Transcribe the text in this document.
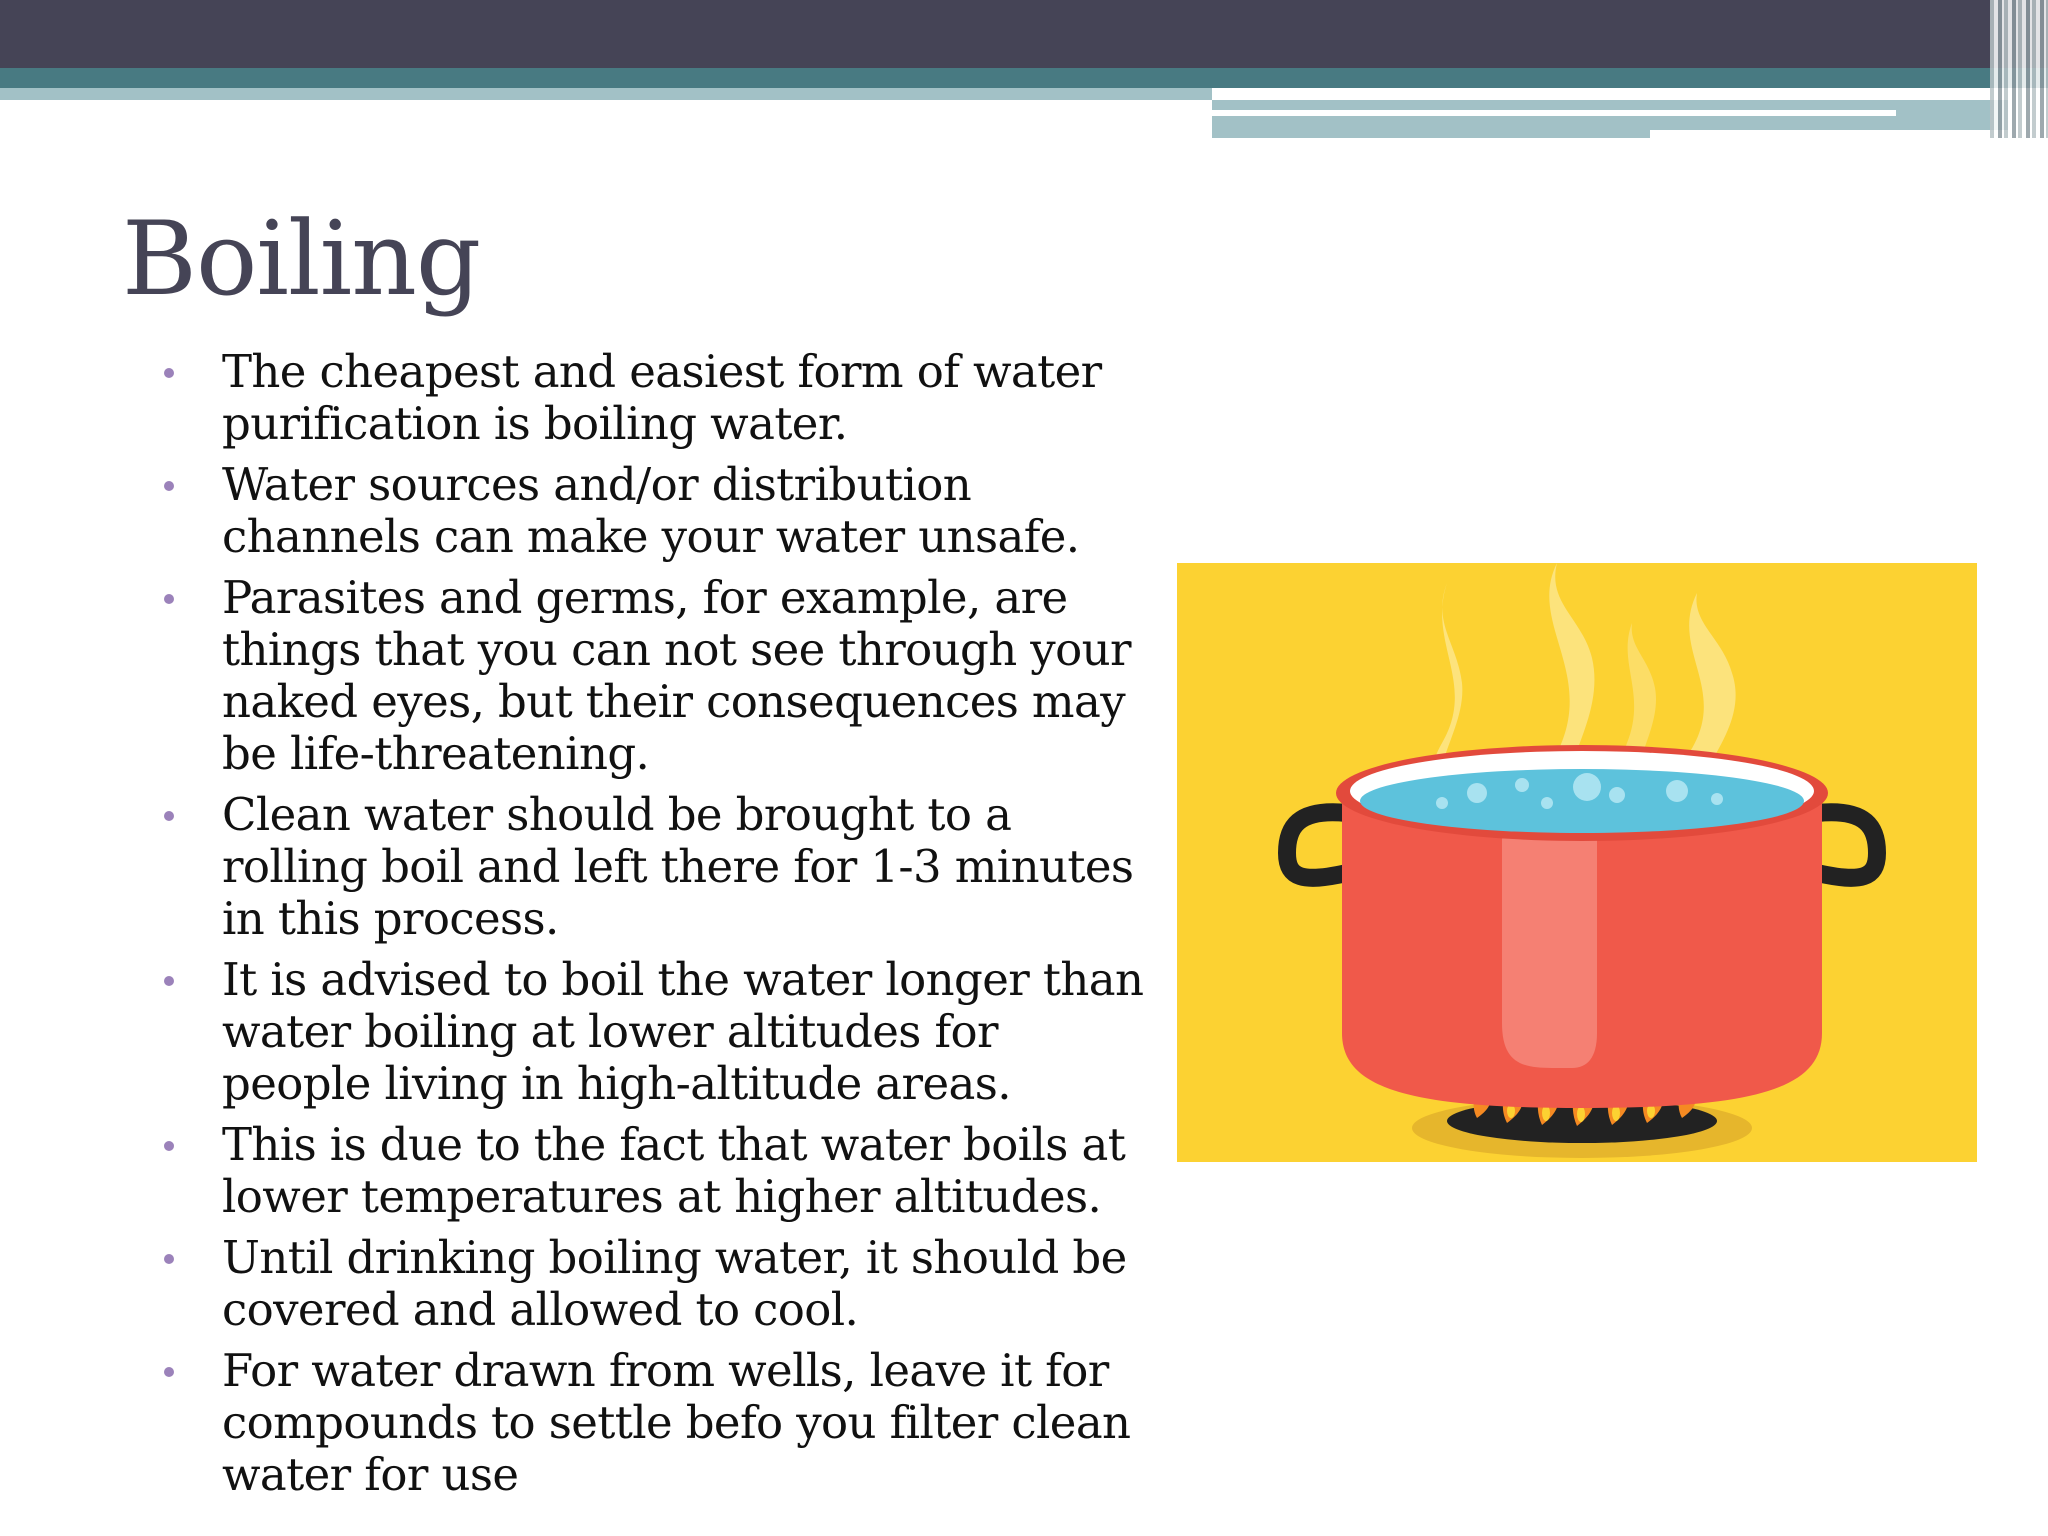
Boiling
The cheapest and easiest form of water purification is boiling water.
Water sources and/or distribution channels can make your water unsafe.
Parasites and germs, for example, are things that you can not see through your naked eyes, but their consequences may be life-threatening.
Clean water should be brought to a rolling boil and left there for 1-3 minutes in this process.
It is advised to boil the water longer than water boiling at lower altitudes for people living in high-altitude areas.
This is due to the fact that water boils at lower temperatures at higher altitudes.
Until drinking boiling water, it should be covered and allowed to cool.
For water drawn from wells, leave it for compounds to settle befo you filter clean water for use
